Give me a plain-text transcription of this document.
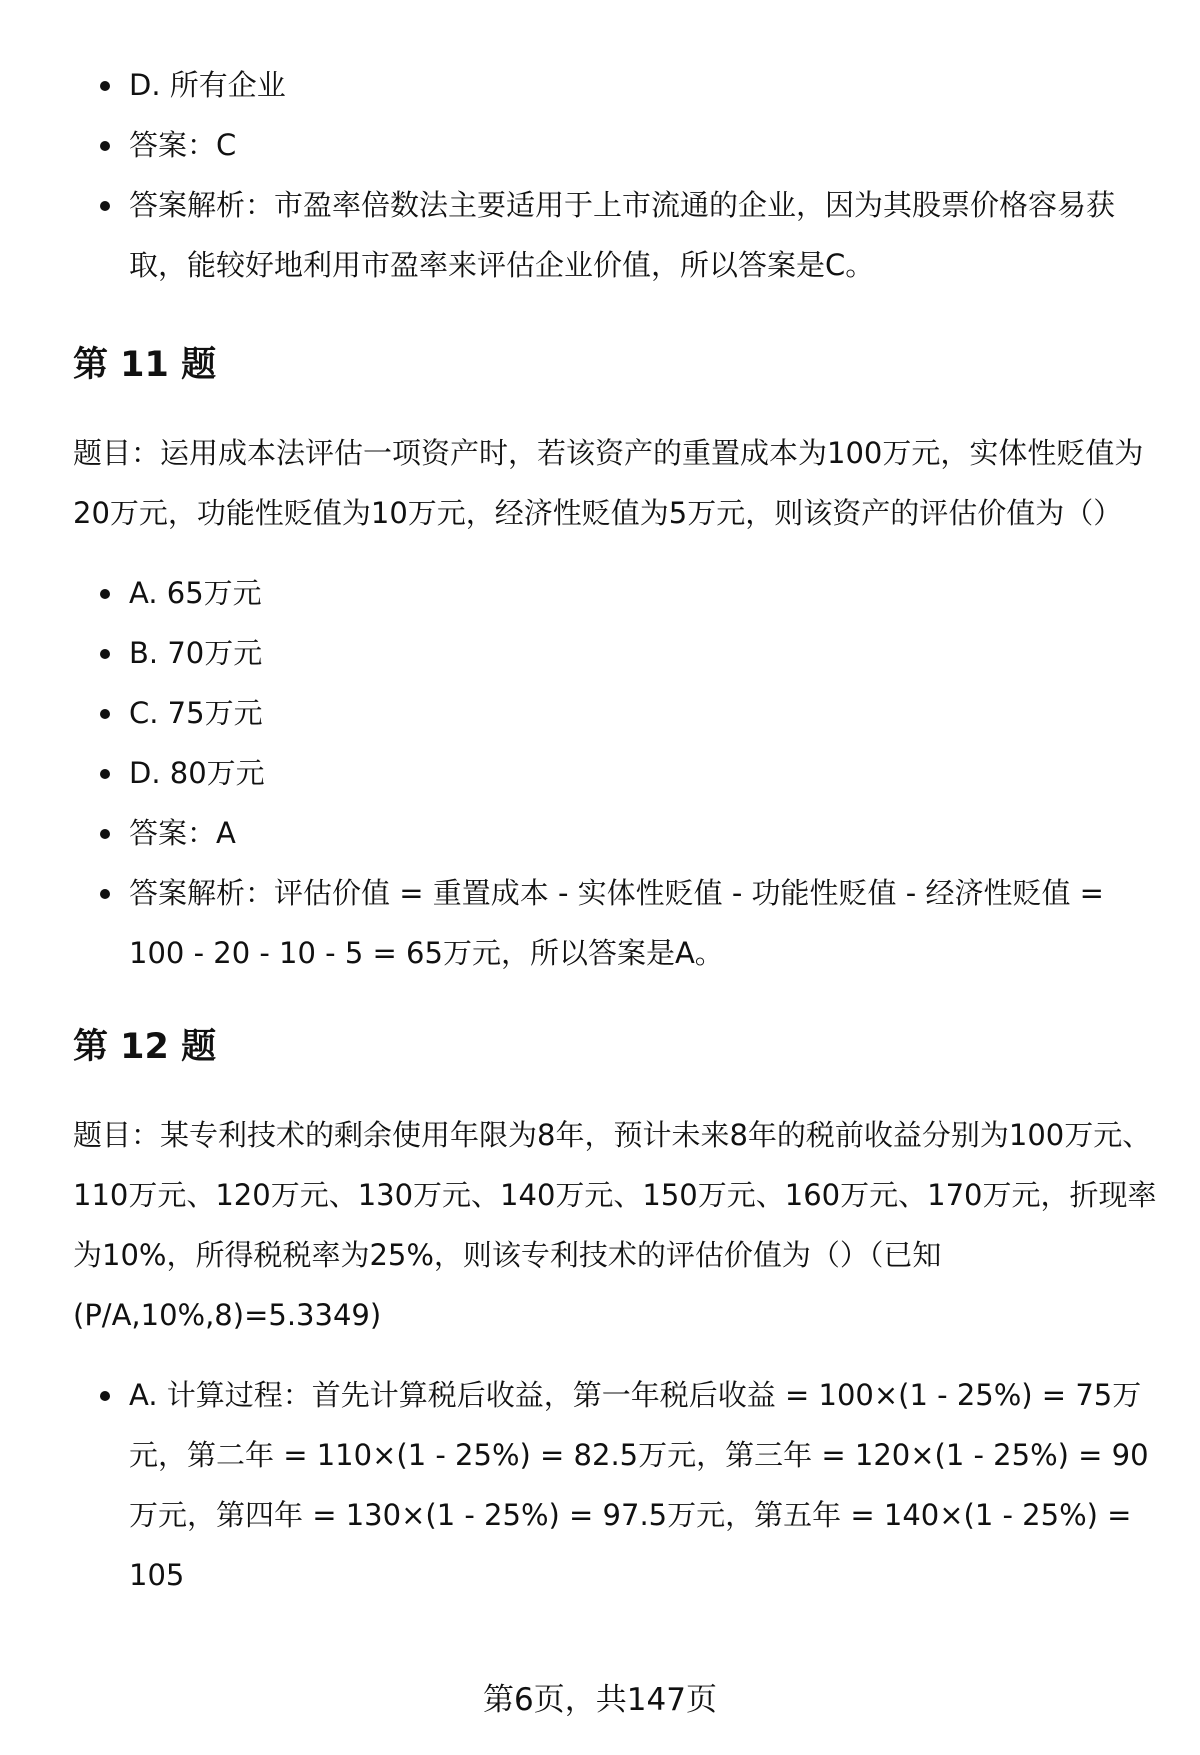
D. 所有企业
答案：C
答案解析：市盈率倍数法主要适用于上市流通的企业，因为其股票价格容易获取，能较好地利用市盈率来评估企业价值，所以答案是C。
第 11 题

题目：运用成本法评估一项资产时，若该资产的重置成本为100万元，实体性贬值为20万元，功能性贬值为10万元，经济性贬值为5万元，则该资产的评估价值为（）

A. 65万元
B. 70万元
C. 75万元
D. 80万元
答案：A
答案解析：评估价值 = 重置成本 - 实体性贬值 - 功能性贬值 - 经济性贬值 = 100 - 20 - 10 - 5 = 65万元，所以答案是A。
第 12 题

题目：某专利技术的剩余使用年限为8年，预计未来8年的税前收益分别为100万元、110万元、120万元、130万元、140万元、150万元、160万元、170万元，折现率为10%，所得税税率为25%，则该专利技术的评估价值为（）（已知(P/A,10%,8)=5.3349)

A. 计算过程：首先计算税后收益，第一年税后收益 = 100×(1 - 25%) = 75万元，第二年 = 110×(1 - 25%) = 82.5万元，第三年 = 120×(1 - 25%) = 90万元，第四年 = 130×(1 - 25%) = 97.5万元，第五年 = 140×(1 - 25%) = 105
第6页，共147页
